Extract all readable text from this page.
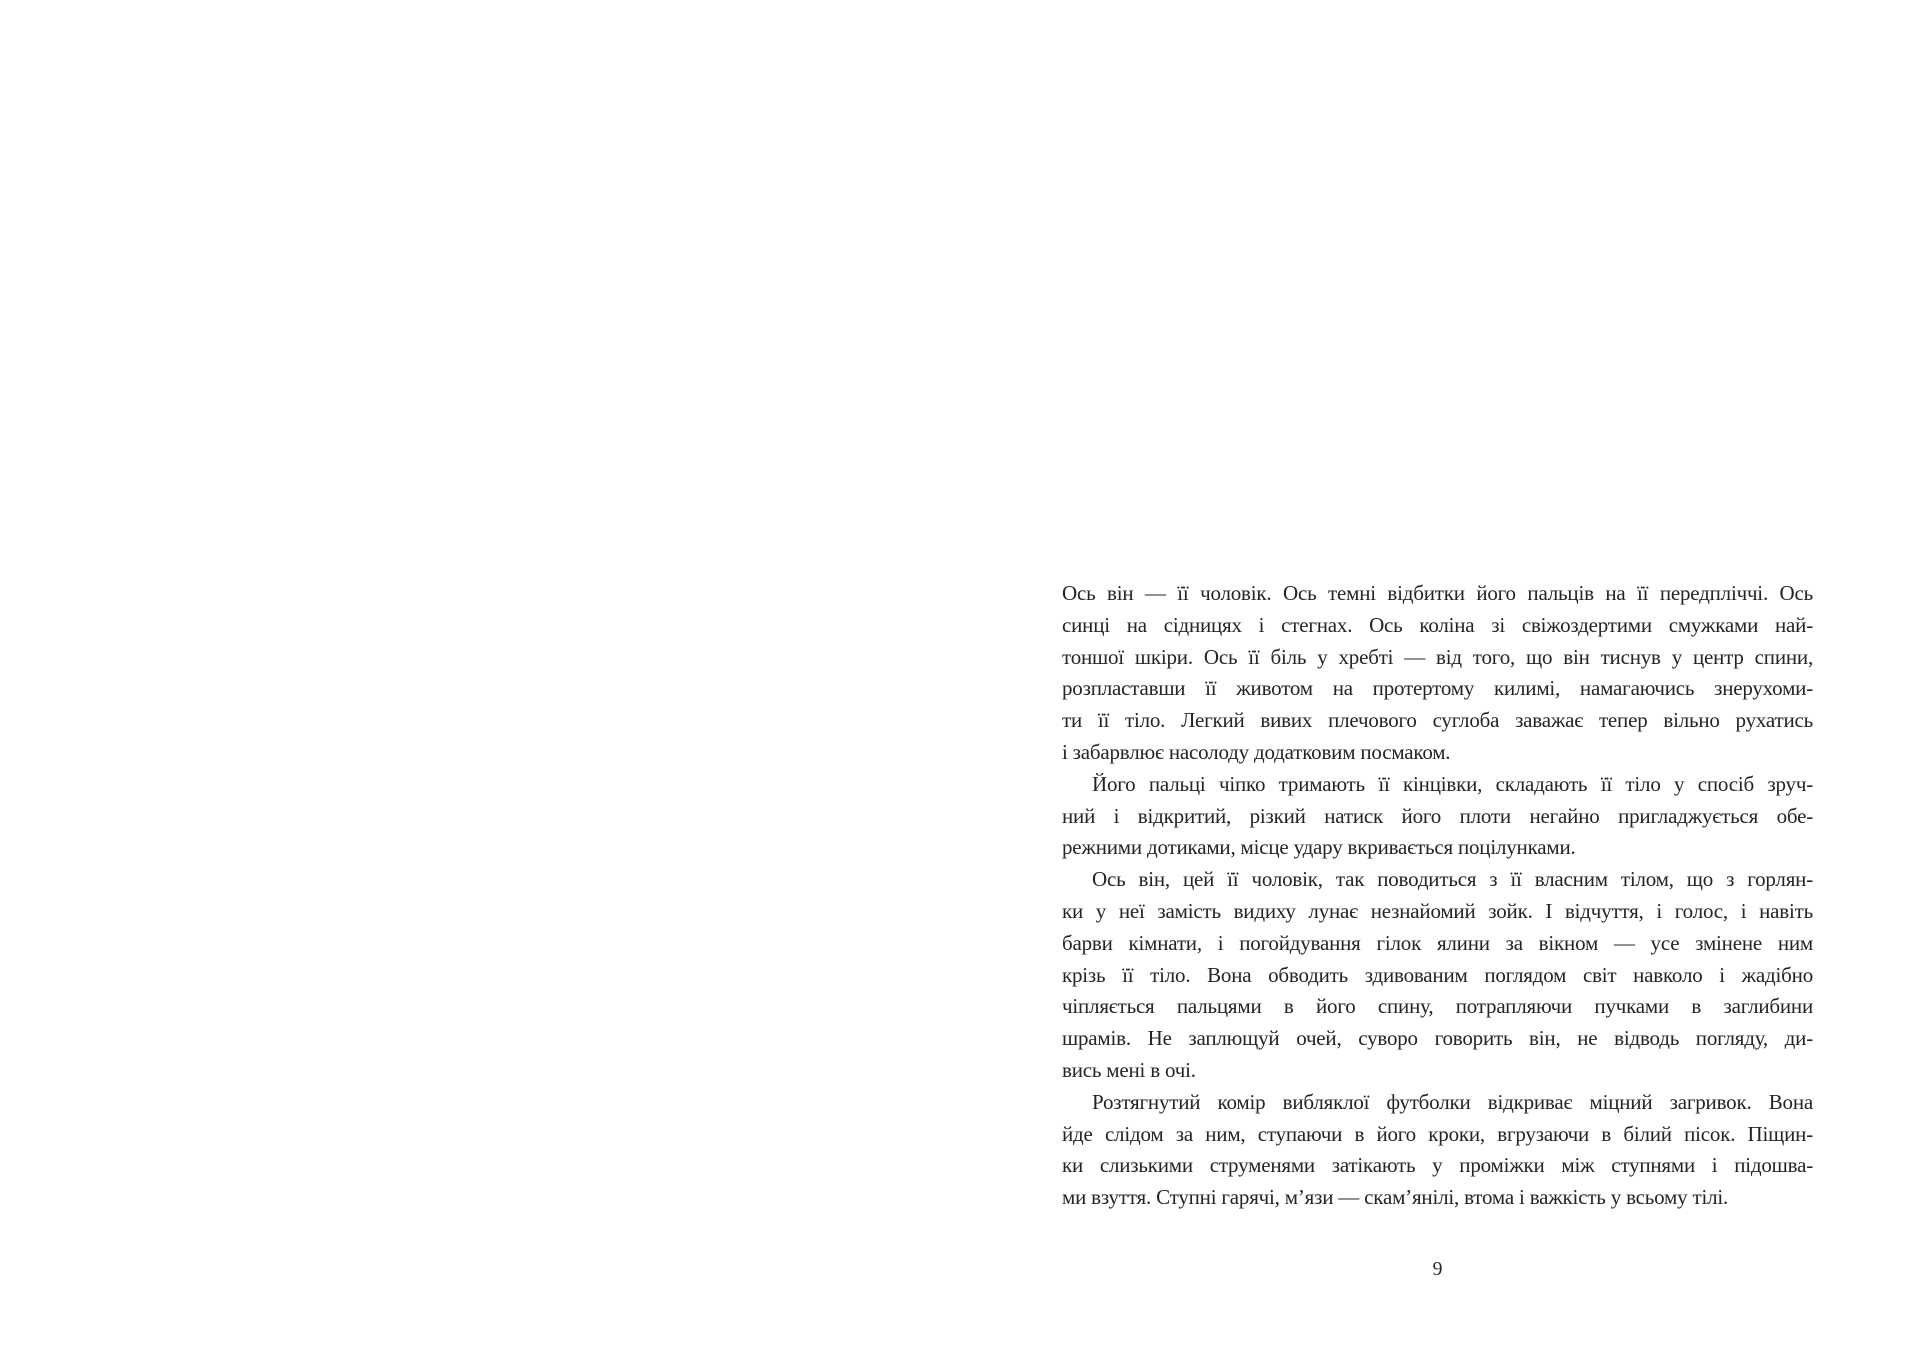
Ось він — її чоловік. Ось темні відбитки його пальців на її передпліччі. Ось
синці на сідницях і стегнах. Ось коліна зі свіжоздертими смужками най-
тоншої шкіри. Ось її біль у хребті — від того, що він тиснув у центр спини,
розпластавши її животом на протертому килимі, намагаючись знерухоми-
ти її тіло. Легкий вивих плечового суглоба заважає тепер вільно рухатись
і забарвлює насолоду додатковим посмаком.
Його пальці чіпко тримають її кінцівки, складають її тіло у спосіб зруч-
ний і відкритий, різкий натиск його плоти негайно пригладжується обе-
режними дотиками, місце удару вкривається поцілунками.
Ось він, цей її чоловік, так поводиться з її власним тілом, що з горлян-
ки у неї замість видиху лунає незнайомий зойк. І відчуття, і голос, і навіть
барви кімнати, і погойдування гілок ялини за вікном — усе змінене ним
крізь її тіло. Вона обводить здивованим поглядом світ навколо і жадібно
чіпляється пальцями в його спину, потрапляючи пучками в заглибини
шрамів. Не заплющуй очей, суворо говорить він, не відводь погляду, ди-
вись мені в очі.
Розтягнутий комір вибляклої футболки відкриває міцний загривок. Вона
йде слідом за ним, ступаючи в його кроки, вгрузаючи в білий пісок. Піщин-
ки слизькими струменями затікають у проміжки між ступнями і підошва-
ми взуття. Ступні гарячі, м’язи — скам’янілі, втома і важкість у всьому тілі.
9
